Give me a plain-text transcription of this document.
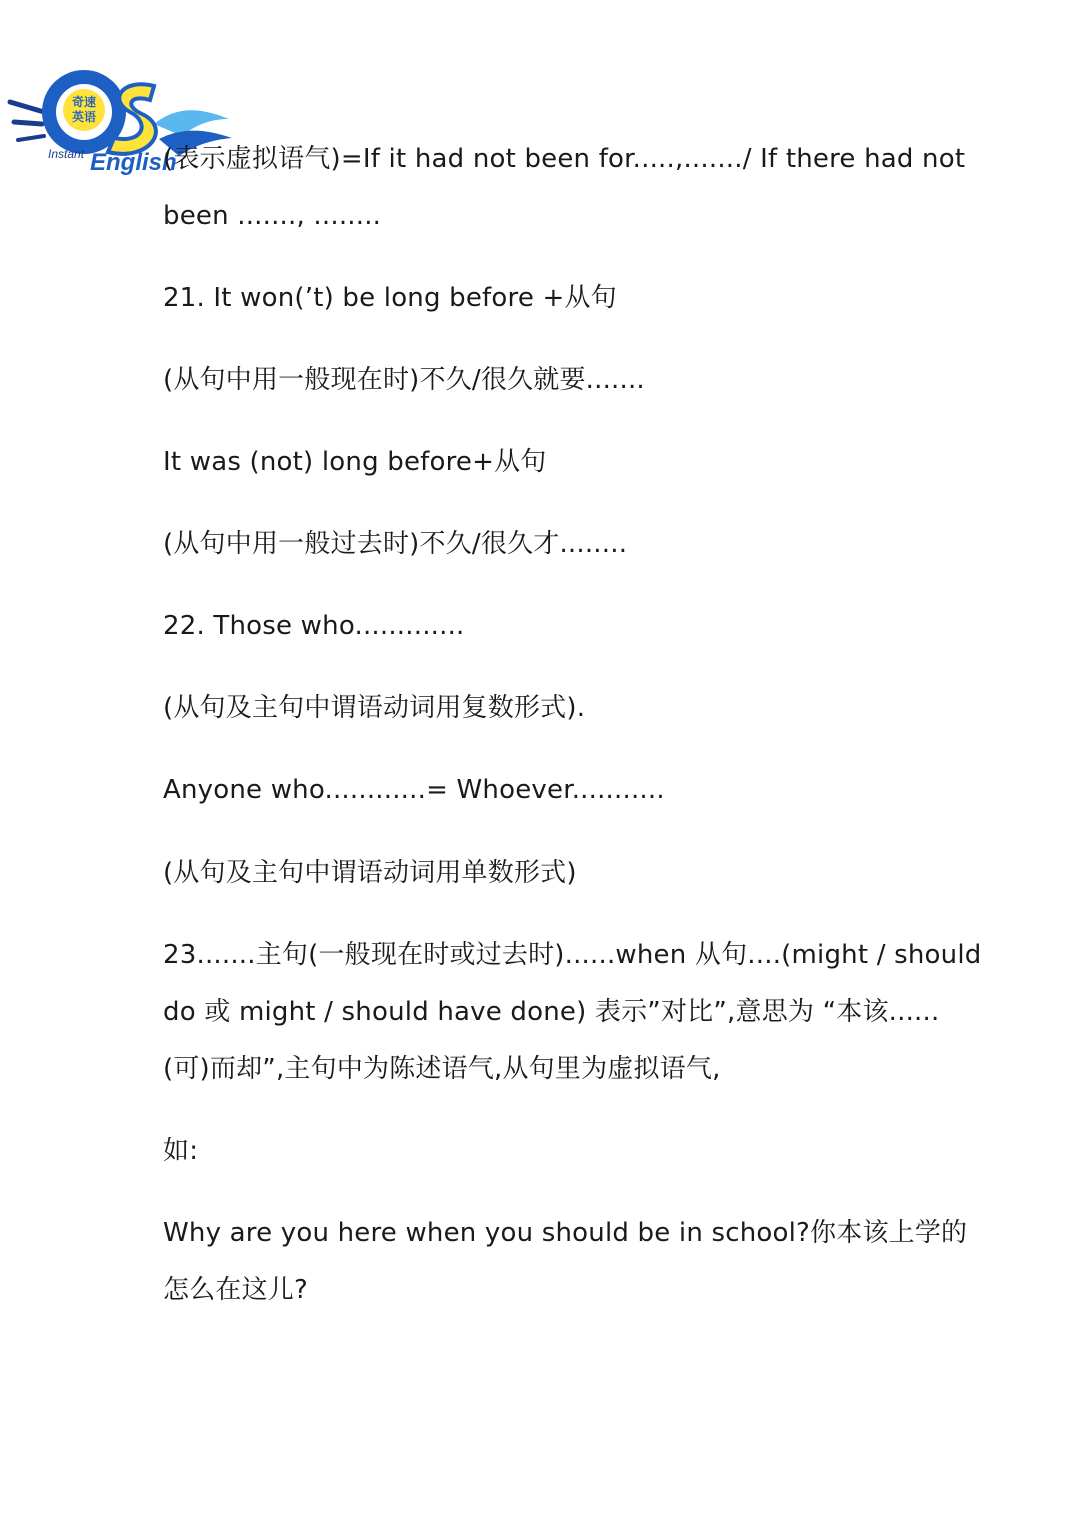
奇速
英语
Instant English
(表示虚拟语气)=If it had not been for.....,......./ If there had not
been ......., ........
21. It won(’t) be long before +从句
(从句中用一般现在时)不久/很久就要.......
It was (not) long before+从句
(从句中用一般过去时)不久/很久才........
22. Those who.............
(从句及主句中谓语动词用复数形式).
Anyone who............= Whoever...........
(从句及主句中谓语动词用单数形式)
23.......主句(一般现在时或过去时)......when 从句....(might / should
do 或 might / should have done) 表示”对比”,意思为 “本该......
(可)而却”,主句中为陈述语气,从句里为虚拟语气,
如:
Why are you here when you should be in school?你本该上学的
怎么在这儿?
